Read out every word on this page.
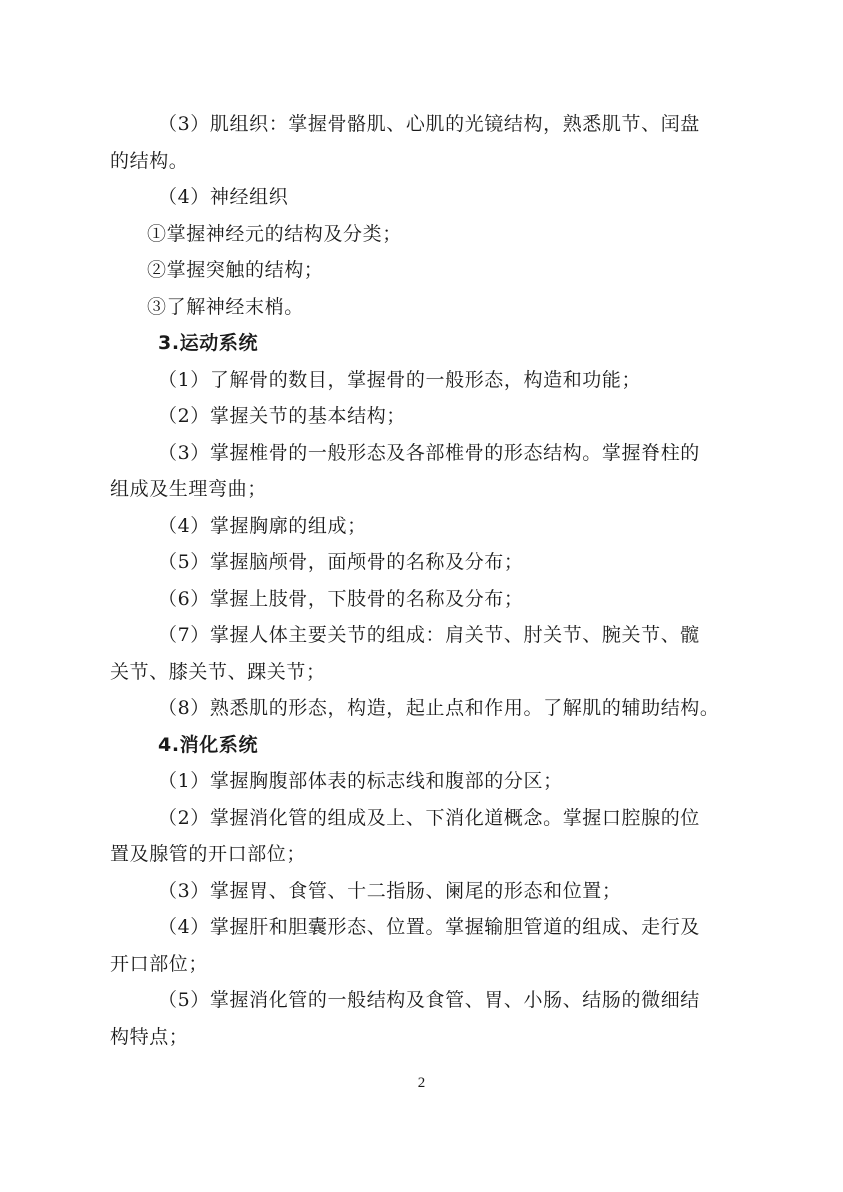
（3）肌组织：掌握骨骼肌、心肌的光镜结构，熟悉肌节、闰盘
的结构。
（4）神经组织
①掌握神经元的结构及分类；
②掌握突触的结构；
③了解神经末梢。
3.运动系统
（1）了解骨的数目，掌握骨的一般形态，构造和功能；
（2）掌握关节的基本结构；
（3）掌握椎骨的一般形态及各部椎骨的形态结构。掌握脊柱的
组成及生理弯曲；
（4）掌握胸廓的组成；
（5）掌握脑颅骨，面颅骨的名称及分布；
（6）掌握上肢骨，下肢骨的名称及分布；
（7）掌握人体主要关节的组成：肩关节、肘关节、腕关节、髋
关节、膝关节、踝关节；
（8）熟悉肌的形态，构造，起止点和作用。了解肌的辅助结构。
4.消化系统
（1）掌握胸腹部体表的标志线和腹部的分区；
（2）掌握消化管的组成及上、下消化道概念。掌握口腔腺的位
置及腺管的开口部位；
（3）掌握胃、食管、十二指肠、阑尾的形态和位置；
（4）掌握肝和胆囊形态、位置。掌握输胆管道的组成、走行及
开口部位；
（5）掌握消化管的一般结构及食管、胃、小肠、结肠的微细结
构特点；
2
